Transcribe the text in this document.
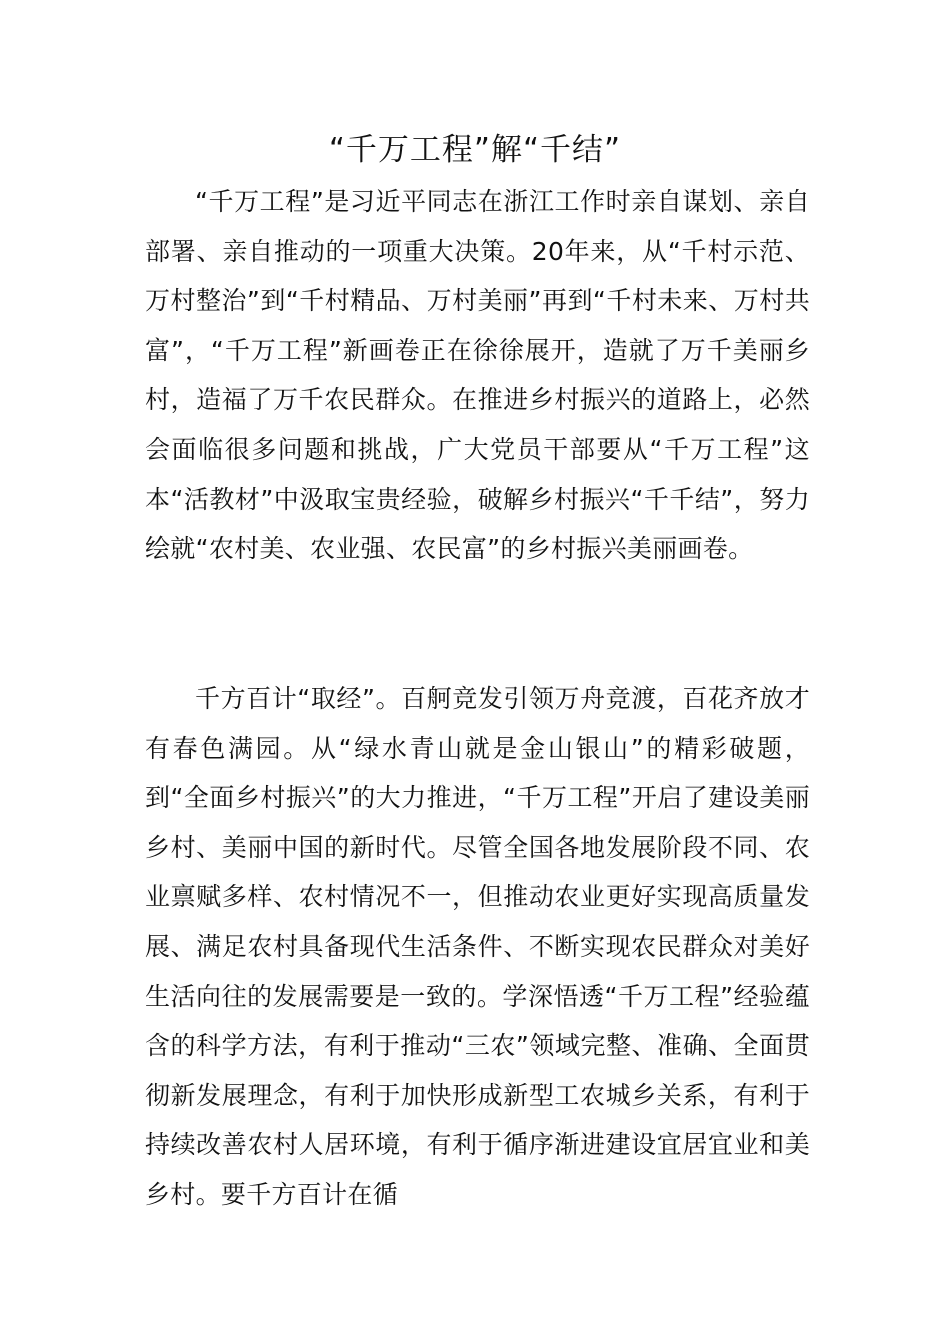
“千万工程”解“千结”

“千万工程”是习近平同志在浙江工作时亲自谋划、亲自部署、亲自推动的一项重大决策。20年来，从“千村示范、万村整治”到“千村精品、万村美丽”再到“千村未来、万村共富”，“千万工程”新画卷正在徐徐展开，造就了万千美丽乡村，造福了万千农民群众。在推进乡村振兴的道路上，必然会面临很多问题和挑战，广大党员干部要从“千万工程”这本“活教材”中汲取宝贵经验，破解乡村振兴“千千结”，努力绘就“农村美、农业强、农民富”的乡村振兴美丽画卷。

千方百计“取经”。百舸竞发引领万舟竞渡，百花齐放才有春色满园。从“绿水青山就是金山银山”的精彩破题，到“全面乡村振兴”的大力推进，“千万工程”开启了建设美丽乡村、美丽中国的新时代。尽管全国各地发展阶段不同、农业禀赋多样、农村情况不一，但推动农业更好实现高质量发展、满足农村具备现代生活条件、不断实现农民群众对美好生活向往的发展需要是一致的。学深悟透“千万工程”经验蕴含的科学方法，有利于推动“三农”领域完整、准确、全面贯彻新发展理念，有利于加快形成新型工农城乡关系，有利于持续改善农村人居环境，有利于循序渐进建设宜居宜业和美乡村。要千方百计在循
